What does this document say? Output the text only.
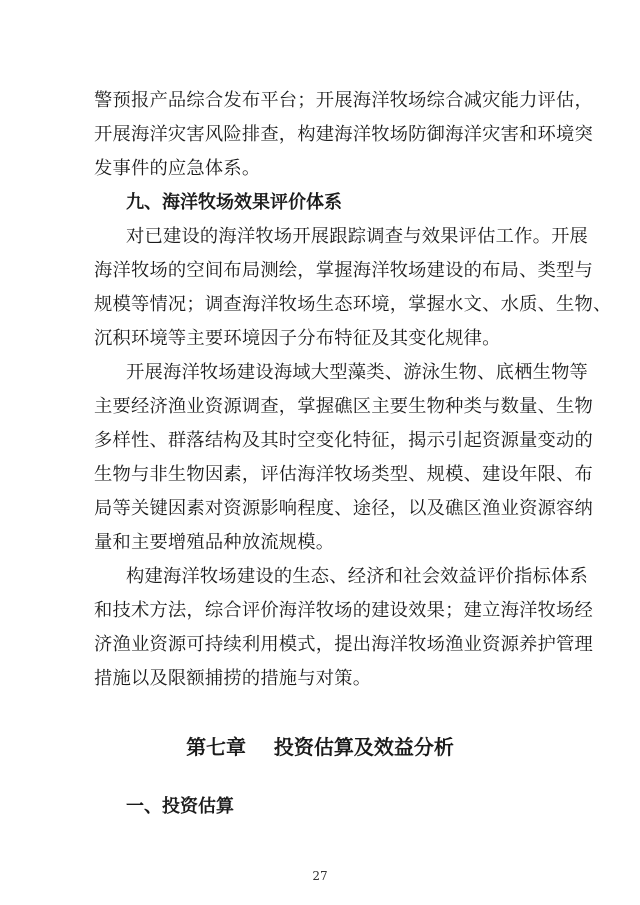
警预报产品综合发布平台；开展海洋牧场综合减灾能力评估，
开展海洋灾害风险排查，构建海洋牧场防御海洋灾害和环境突
发事件的应急体系。
九、海洋牧场效果评价体系
对已建设的海洋牧场开展跟踪调查与效果评估工作。开展
海洋牧场的空间布局测绘，掌握海洋牧场建设的布局、类型与
规模等情况；调查海洋牧场生态环境，掌握水文、水质、生物、
沉积环境等主要环境因子分布特征及其变化规律。
开展海洋牧场建设海域大型藻类、游泳生物、底栖生物等
主要经济渔业资源调查，掌握礁区主要生物种类与数量、生物
多样性、群落结构及其时空变化特征，揭示引起资源量变动的
生物与非生物因素，评估海洋牧场类型、规模、建设年限、布
局等关键因素对资源影响程度、途径，以及礁区渔业资源容纳
量和主要增殖品种放流规模。
构建海洋牧场建设的生态、经济和社会效益评价指标体系
和技术方法，综合评价海洋牧场的建设效果；建立海洋牧场经
济渔业资源可持续利用模式，提出海洋牧场渔业资源养护管理
措施以及限额捕捞的措施与对策。
第七章    投资估算及效益分析
一、投资估算
27
